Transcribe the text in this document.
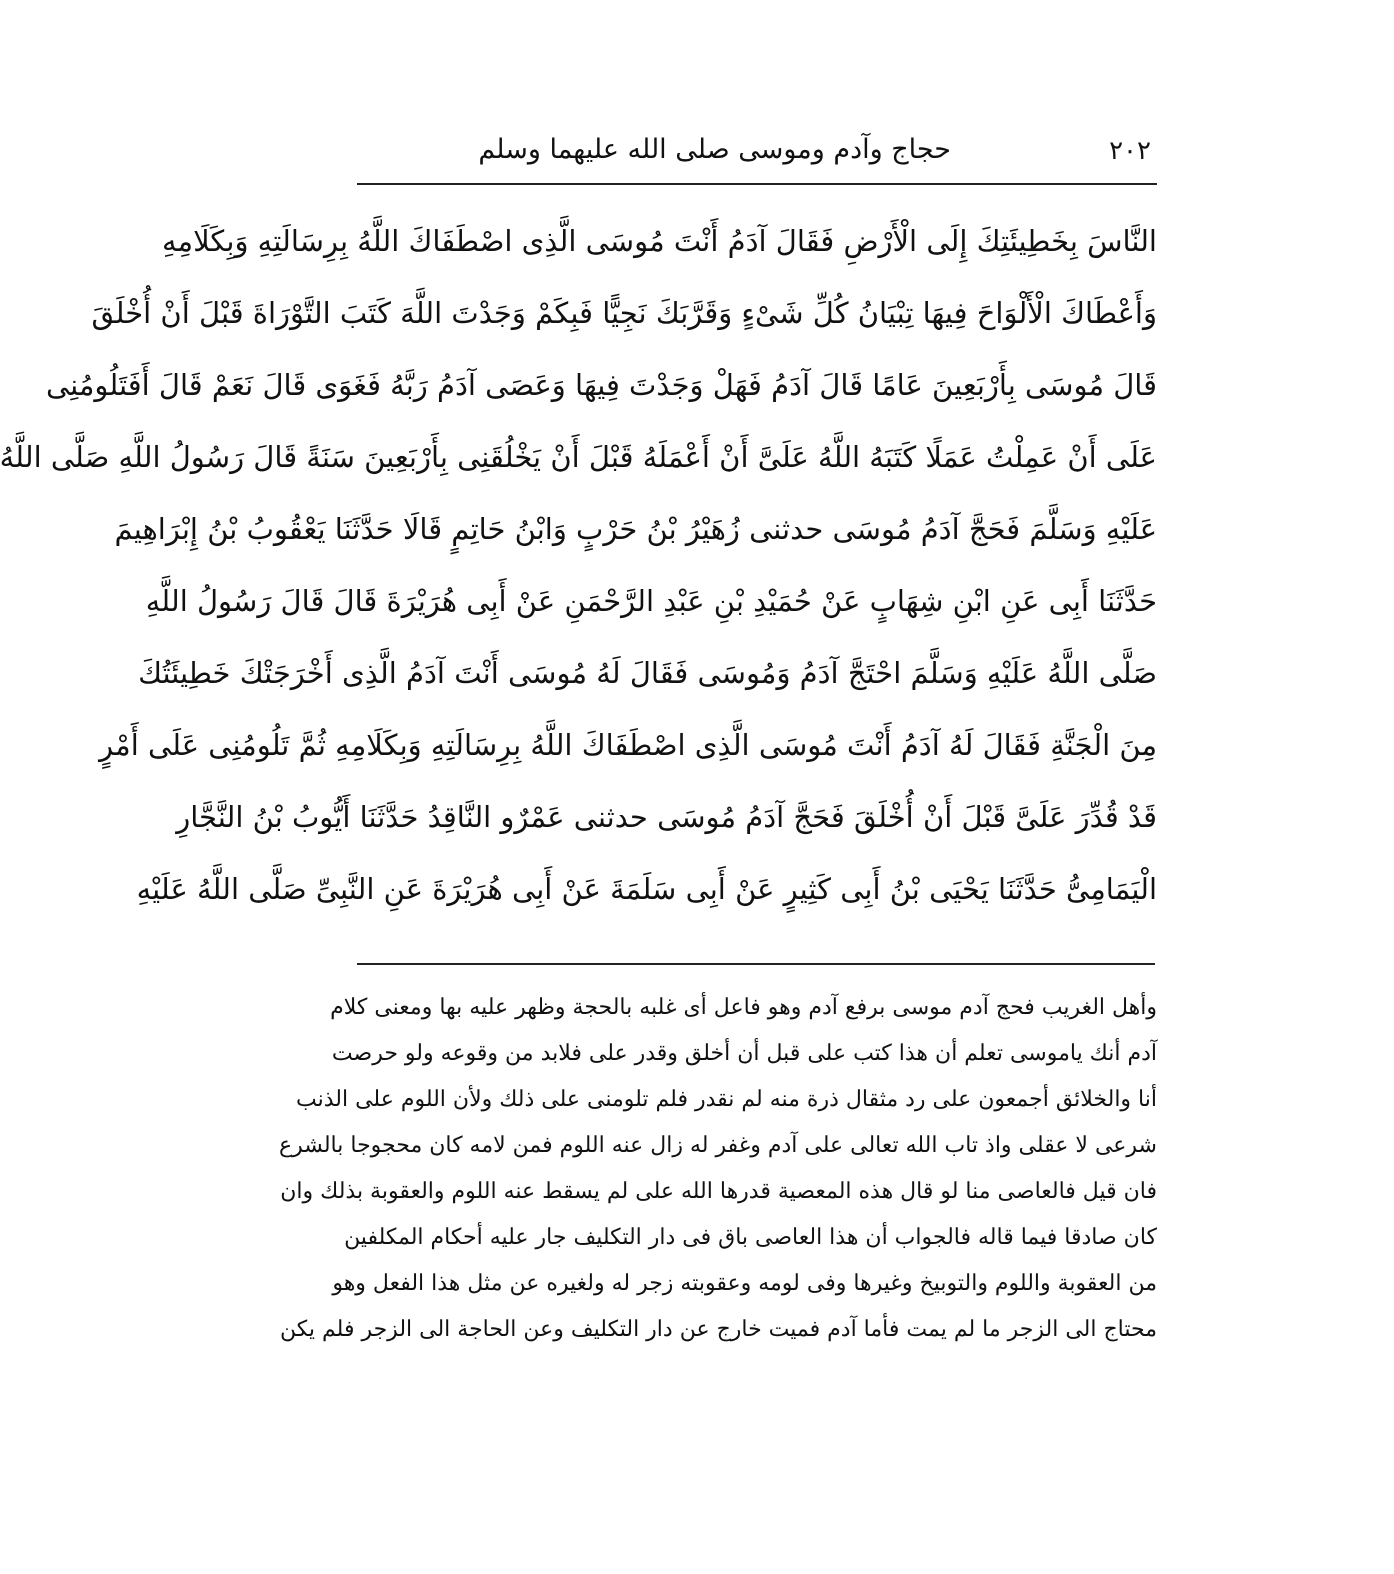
٢٠٢
حجاج وآدم وموسى صلى الله عليهما وسلم
النَّاسَ بِخَطِيئَتِكَ إِلَى الْأَرْضِ فَقَالَ آدَمُ أَنْتَ مُوسَى الَّذِى اصْطَفَاكَ اللَّهُ بِرِسَالَتِهِ وَبِكَلَامِهِ
وَأَعْطَاكَ الْأَلْوَاحَ فِيهَا تِبْيَانُ كُلِّ شَىْءٍ وَقَرَّبَكَ نَجِيًّا فَبِكَمْ وَجَدْتَ اللَّهَ كَتَبَ التَّوْرَاةَ قَبْلَ أَنْ أُخْلَقَ
قَالَ مُوسَى بِأَرْبَعِينَ عَامًا قَالَ آدَمُ فَهَلْ وَجَدْتَ فِيهَا وَعَصَى آدَمُ رَبَّهُ فَغَوَى قَالَ نَعَمْ قَالَ أَفَتَلُومُنِى
عَلَى أَنْ عَمِلْتُ عَمَلًا كَتَبَهُ اللَّهُ عَلَىَّ أَنْ أَعْمَلَهُ قَبْلَ أَنْ يَخْلُقَنِى بِأَرْبَعِينَ سَنَةً قَالَ رَسُولُ اللَّهِ صَلَّى اللَّهُ
عَلَيْهِ وَسَلَّمَ فَحَجَّ آدَمُ مُوسَى حدثنى زُهَيْرُ بْنُ حَرْبٍ وَابْنُ حَاتِمٍ قَالَا حَدَّثَنَا يَعْقُوبُ بْنُ إِبْرَاهِيمَ
حَدَّثَنَا أَبِى عَنِ ابْنِ شِهَابٍ عَنْ حُمَيْدِ بْنِ عَبْدِ الرَّحْمَنِ عَنْ أَبِى هُرَيْرَةَ قَالَ قَالَ رَسُولُ اللَّهِ
صَلَّى اللَّهُ عَلَيْهِ وَسَلَّمَ احْتَجَّ آدَمُ وَمُوسَى فَقَالَ لَهُ مُوسَى أَنْتَ آدَمُ الَّذِى أَخْرَجَتْكَ خَطِيئَتُكَ
مِنَ الْجَنَّةِ فَقَالَ لَهُ آدَمُ أَنْتَ مُوسَى الَّذِى اصْطَفَاكَ اللَّهُ بِرِسَالَتِهِ وَبِكَلَامِهِ ثُمَّ تَلُومُنِى عَلَى أَمْرٍ
قَدْ قُدِّرَ عَلَىَّ قَبْلَ أَنْ أُخْلَقَ فَحَجَّ آدَمُ مُوسَى حدثنى عَمْرٌو النَّاقِدُ حَدَّثَنَا أَيُّوبُ بْنُ النَّجَّارِ
الْيَمَامِىُّ حَدَّثَنَا يَحْيَى بْنُ أَبِى كَثِيرٍ عَنْ أَبِى سَلَمَةَ عَنْ أَبِى هُرَيْرَةَ عَنِ النَّبِىِّ صَلَّى اللَّهُ عَلَيْهِ
وأهل الغريب فحج آدم موسى برفع آدم وهو فاعل أى غلبه بالحجة وظهر عليه بها ومعنى كلام
آدم أنك ياموسى تعلم أن هذا كتب على قبل أن أخلق وقدر على فلابد من وقوعه ولو حرصت
أنا والخلائق أجمعون على رد مثقال ذرة منه لم نقدر فلم تلومنى على ذلك ولأن اللوم على الذنب
شرعى لا عقلى واذ تاب الله تعالى على آدم وغفر له زال عنه اللوم فمن لامه كان محجوجا بالشرع
فان قيل فالعاصى منا لو قال هذه المعصية قدرها الله على لم يسقط عنه اللوم والعقوبة بذلك وان
كان صادقا فيما قاله فالجواب أن هذا العاصى باق فى دار التكليف جار عليه أحكام المكلفين
من العقوبة واللوم والتوبيخ وغيرها وفى لومه وعقوبته زجر له ولغيره عن مثل هذا الفعل وهو
محتاج الى الزجر ما لم يمت فأما آدم فميت خارج عن دار التكليف وعن الحاجة الى الزجر فلم يكن
